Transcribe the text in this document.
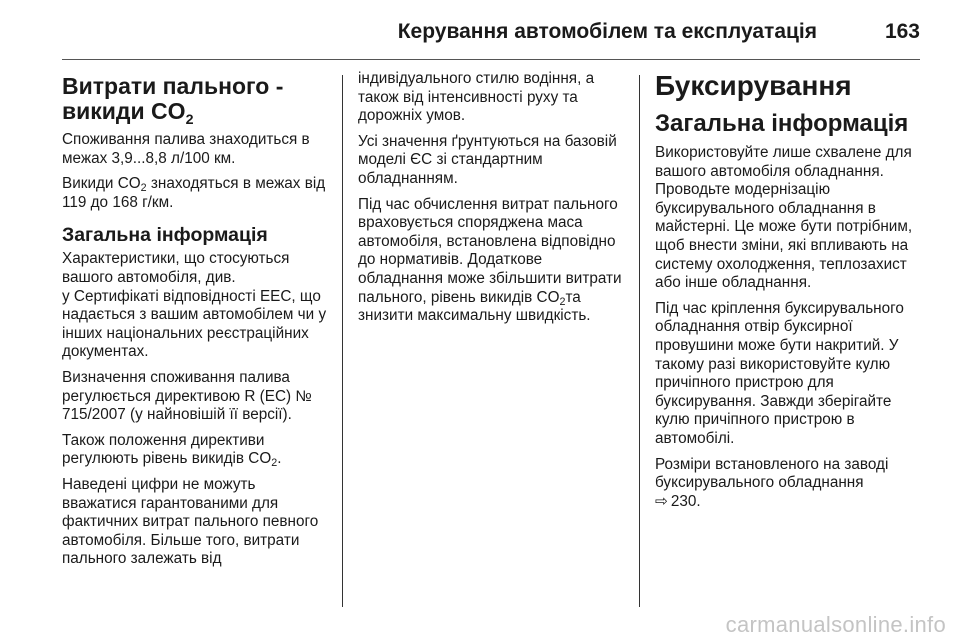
Керування автомобілем та експлуатація	163
Витрати пального -
викиди $CO_2$

Споживання палива знаходиться в межах 3,9...8,8 л/100 км.

Викиди $CO_2$ знаходяться в межах від 119 до 168 г/км.

Загальна інформація

Характеристики, що стосуються вашого автомобіля, див.

у Сертифікаті відповідності ЕЕС, що надається з вашим автомобілем чи у інших національних реєстраційних документах.

Визначення споживання палива регулюється директивою R (ЕС) № 715/2007 (у найновішій її версії).

Також положення директиви регулюють рівень викидів $CO_2$.

Наведені цифри не можуть вважатися гарантованими для фактичних витрат пального певного автомобіля. Більше того, витрати пального залежать від

індивідуального стилю водіння, а також від інтенсивності руху та дорожніх умов.

Усі значення ґрунтуються на базовій моделі ЄС зі стандартним обладнанням.

Під час обчислення витрат пального враховується споряджена маса автомобіля, встановлена відповідно до нормативів. Додаткове обладнання може збільшити витрати пального, рівень викидів $CO_2та$ знизити максимальну швидкість.

Буксирування
Загальна інформація

Використовуйте лише схвалене для вашого автомобіля обладнання. Проводьте модернізацію буксирувального обладнання в майстерні. Це може бути потрібним, щоб внести зміни, які впливають на систему охолодження, теплозахист або інше обладнання.

Під час кріплення буксирувального обладнання отвір буксирної провушини може бути накритий. У такому разі використовуйте кулю причіпного пристрою для буксирування. Завжди зберігайте кулю причіпного пристрою в автомобілі.

Розміри встановленого на заводі буксирувального обладнання
⇨ 230.

carmanualsonline.info
